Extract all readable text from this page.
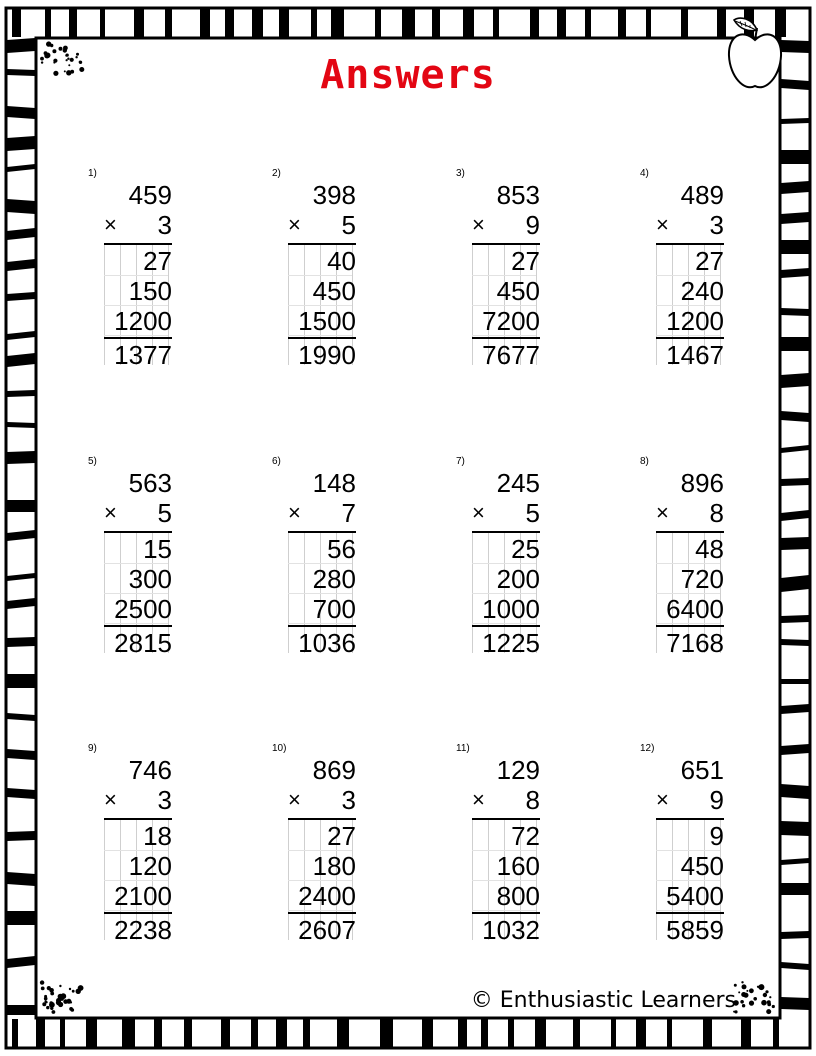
Answers
1)
459
× 3
27
150
1200
1377
2)
398
× 5
40
450
1500
1990
3)
853
× 9
27
450
7200
7677
4)
489
× 3
27
240
1200
1467
5)
563
× 5
15
300
2500
2815
6)
148
× 7
56
280
700
1036
7)
245
× 5
25
200
1000
1225
8)
896
× 8
48
720
6400
7168
9)
746
× 3
18
120
2100
2238
10)
869
× 3
27
180
2400
2607
11)
129
× 8
72
160
800
1032
12)
651
× 9
9
450
5400
5859
© Enthusiastic Learners
